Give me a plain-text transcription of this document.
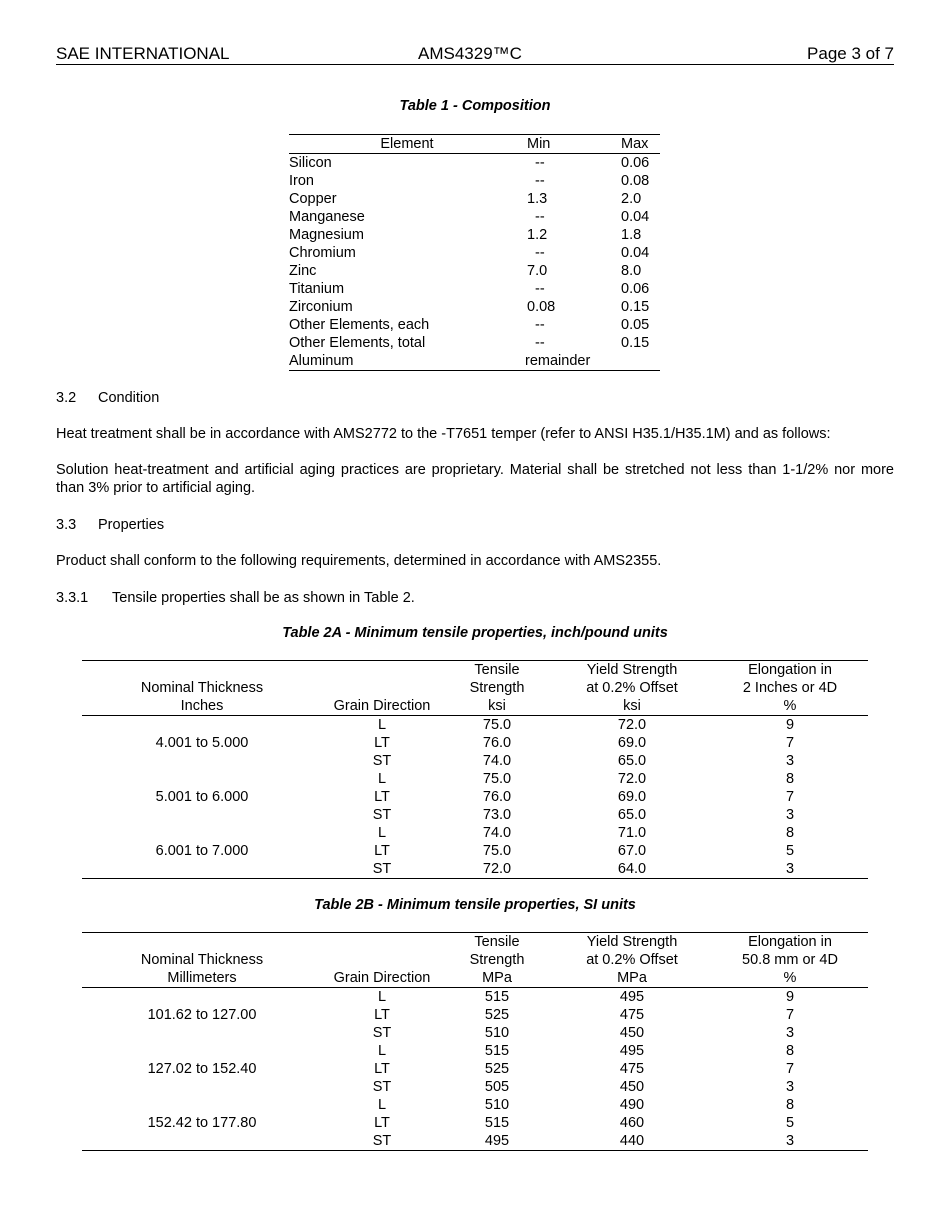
SAE INTERNATIONAL	AMS4329™C	Page 3 of 7
Table 1 - Composition
Element	Min	Max
Silicon	--	0.06
Iron	--	0.08
Copper	1.3	2.0
Manganese	--	0.04
Magnesium	1.2	1.8
Chromium	--	0.04
Zinc	7.0	8.0
Titanium	--	0.06
Zirconium	0.08	0.15
Other Elements, each	--	0.05
Other Elements, total	--	0.15
Aluminum	remainder	
3.2 Condition
Heat treatment shall be in accordance with AMS2772 to the -T7651 temper (refer to ANSI H35.1/H35.1M) and as follows:
Solution heat-treatment and artificial aging practices are proprietary. Material shall be stretched not less than 1-1/2% nor more than 3% prior to artificial aging.
3.3 Properties
Product shall conform to the following requirements, determined in accordance with AMS2355.
3.3.1 Tensile properties shall be as shown in Table 2.
Table 2A - Minimum tensile properties, inch/pound units
		Tensile	Yield Strength	Elongation in
Nominal Thickness		Strength	at 0.2% Offset	2 Inches or 4D
Inches	Grain Direction	ksi	ksi	%
	L	75.0	72.0	9
4.001 to 5.000	LT	76.0	69.0	7
	ST	74.0	65.0	3
	L	75.0	72.0	8
5.001 to 6.000	LT	76.0	69.0	7
	ST	73.0	65.0	3
	L	74.0	71.0	8
6.001 to 7.000	LT	75.0	67.0	5
	ST	72.0	64.0	3
Table 2B - Minimum tensile properties, SI units
		Tensile	Yield Strength	Elongation in
Nominal Thickness		Strength	at 0.2% Offset	50.8 mm or 4D
Millimeters	Grain Direction	MPa	MPa	%
	L	515	495	9
101.62 to 127.00	LT	525	475	7
	ST	510	450	3
	L	515	495	8
127.02 to 152.40	LT	525	475	7
	ST	505	450	3
	L	510	490	8
152.42 to 177.80	LT	515	460	5
	ST	495	440	3
